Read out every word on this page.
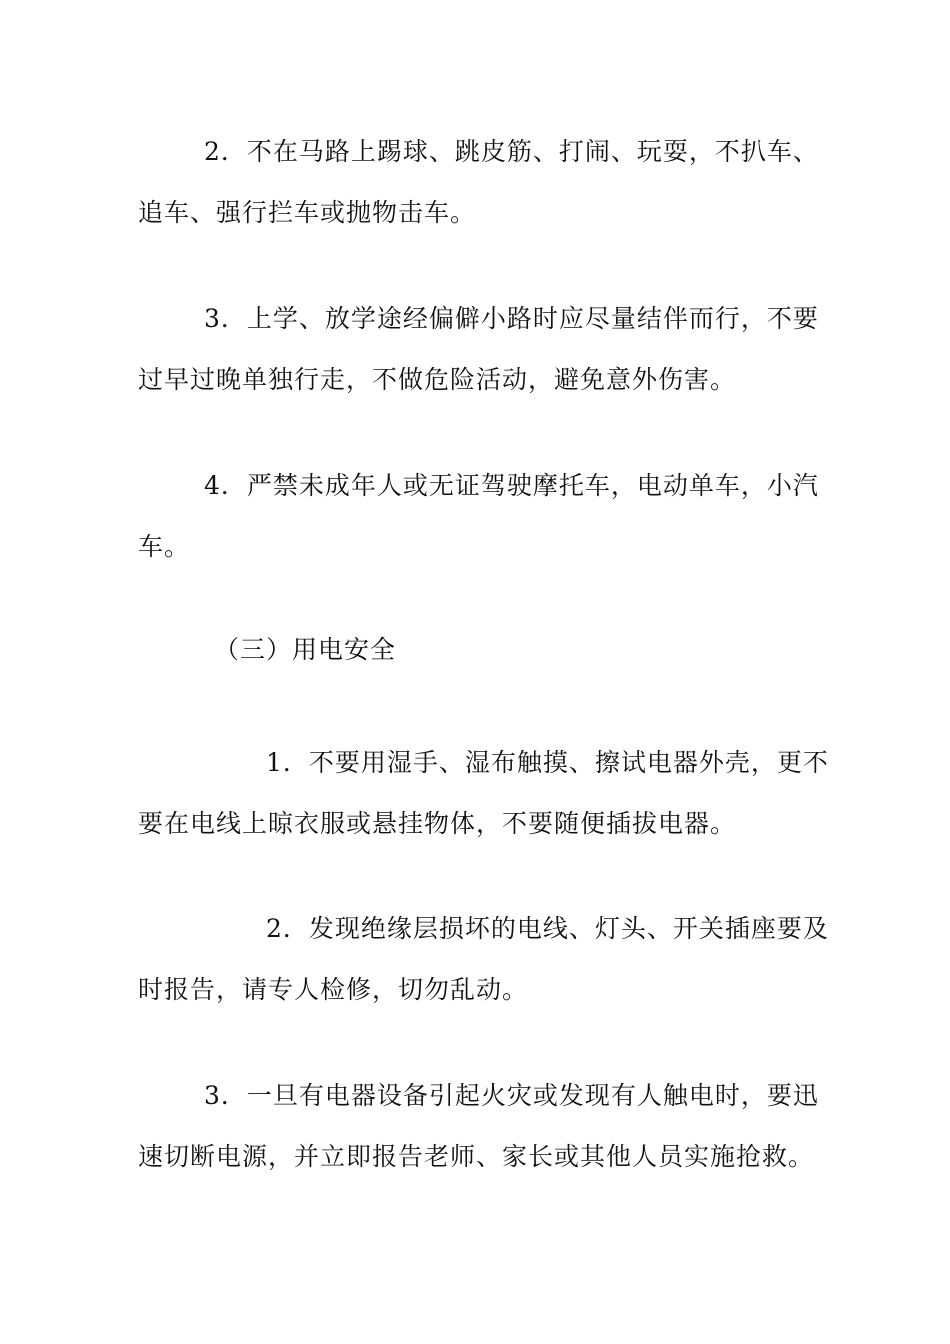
2．不在马路上踢球、跳皮筋、打闹、玩耍，不扒车、
追车、强行拦车或抛物击车。
3．上学、放学途经偏僻小路时应尽量结伴而行，不要
过早过晚单独行走，不做危险活动，避免意外伤害。
4．严禁未成年人或无证驾驶摩托车，电动单车，小汽
车。
（三）用电安全
1．不要用湿手、湿布触摸、擦试电器外壳，更不
要在电线上晾衣服或悬挂物体，不要随便插拔电器。
2．发现绝缘层损坏的电线、灯头、开关插座要及
时报告，请专人检修，切勿乱动。
3．一旦有电器设备引起火灾或发现有人触电时，要迅
速切断电源，并立即报告老师、家长或其他人员实施抢救。
